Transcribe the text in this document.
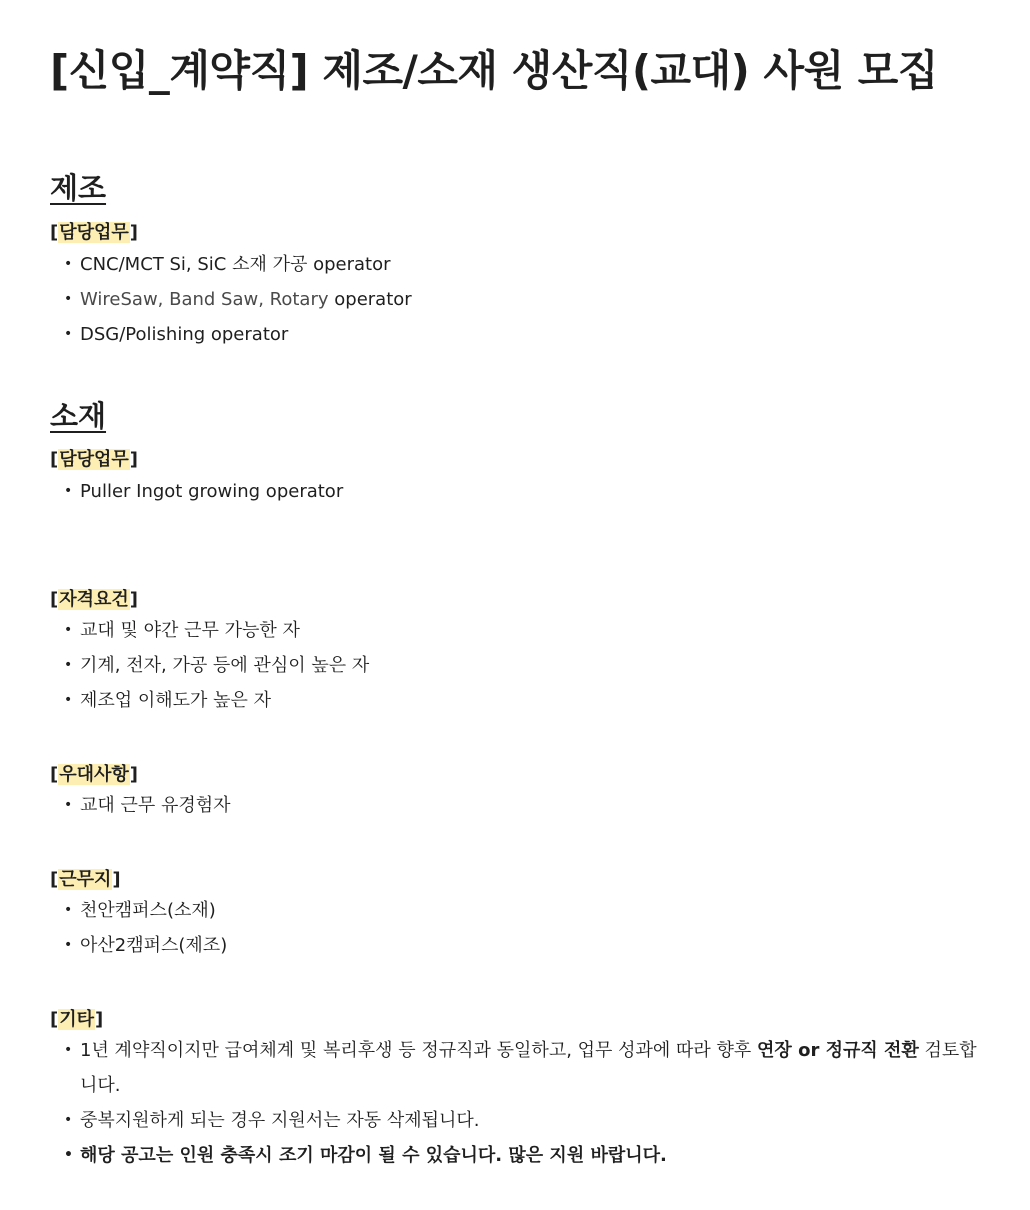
[신입_계약직] 제조/소재 생산직(교대) 사원 모집
제조
[담당업무]
• CNC/MCT Si, SiC 소재 가공 operator
• WireSaw, Band Saw, Rotary operator
• DSG/Polishing operator
소재
[담당업무]
• Puller Ingot growing operator
[자격요건]
• 교대 및 야간 근무 가능한 자
• 기계, 전자, 가공 등에 관심이 높은 자
• 제조업 이해도가 높은 자
[우대사항]
• 교대 근무 유경험자
[근무지]
• 천안캠퍼스(소재)
• 아산2캠퍼스(제조)
[기타]
• 1년 계약직이지만 급여체계 및 복리후생 등 정규직과 동일하고, 업무 성과에 따라 향후 연장 or 정규직 전환 검토합니다.
• 중복지원하게 되는 경우 지원서는 자동 삭제됩니다.
• 해당 공고는 인원 충족시 조기 마감이 될 수 있습니다. 많은 지원 바랍니다.
